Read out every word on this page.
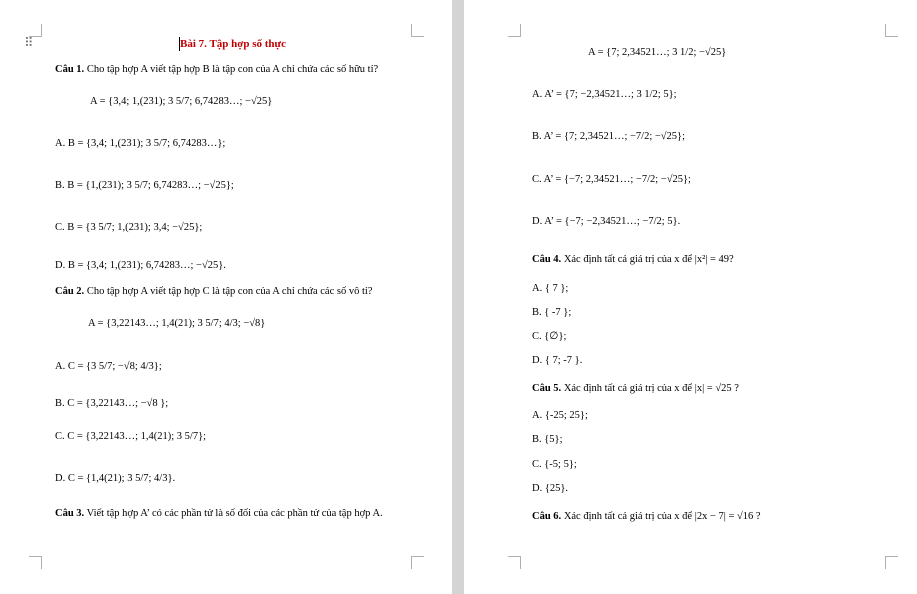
⠿	Bài 7. Tập hợp số thực
Câu 1. Cho tập hợp A viết tập hợp B là tập con của A chỉ chứa các số hữu tỉ?
A = {3,4; 1,(231); 3 5/7; 6,74283…; −√25}
A. B = {3,4; 1,(231); 3 5/7; 6,74283…};
B. B = {1,(231); 3 5/7; 6,74283…; −√25};
C. B = {3 5/7; 1,(231); 3,4; −√25};
D. B = {3,4; 1,(231); 6,74283…; −√25}.
Câu 2. Cho tập hợp A viết tập hợp C là tập con của A chỉ chứa các số vô tỉ?
A = {3,22143…; 1,4(21); 3 5/7; 4/3; −√8}
A. C = {3 5/7; −√8; 4/3};
B. C = {3,22143…; −√8 };
C. C = {3,22143…; 1,4(21); 3 5/7};
D. C = {1,4(21); 3 5/7; 4/3}.
Câu 3. Viết tập hợp A’ có các phần tử là số đối của các phần tử của tập hợp A.
A = {7; 2,34521…; 3 1/2; −√25}
A. A’ = {7; −2,34521…; 3 1/2; 5};
B. A’ = {7; 2,34521…; −7/2; −√25};
C. A’ = {−7; 2,34521…; −7/2; −√25};
D. A’ = {−7; −2,34521…; −7/2; 5}.
Câu 4. Xác định tất cả giá trị của x để |x²| = 49?
A. { 7 };
B. { -7 };
C. {∅};
D. { 7; -7 }.
Câu 5. Xác định tất cả giá trị của x để |x| = √25 ?
A. {-25; 25};
B. {5};
C. {-5; 5};
D. {25}.
Câu 6. Xác định tất cả giá trị của x để |2x − 7| = √16 ?
